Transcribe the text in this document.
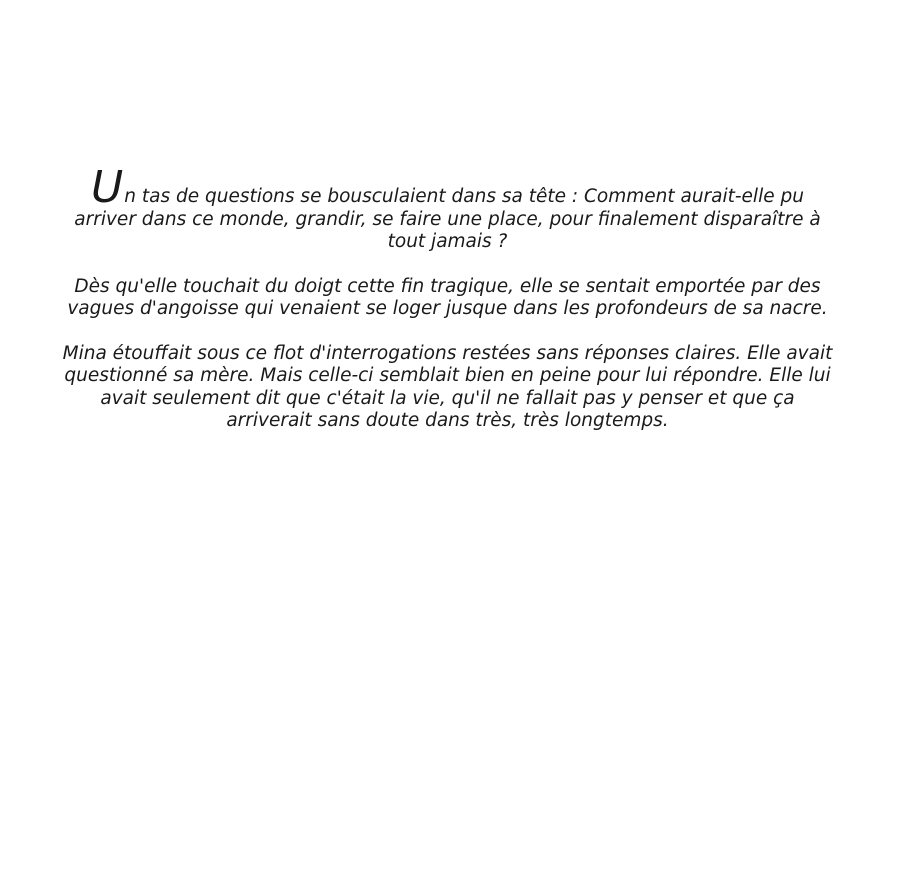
Un tas de questions se bousculaient dans sa tête : Comment aurait-elle pu arriver dans ce monde, grandir, se faire une place, pour finalement disparaître à tout jamais ?

Dès qu'elle touchait du doigt cette fin tragique, elle se sentait emportée par des vagues d'angoisse qui venaient se loger jusque dans les profondeurs de sa nacre.

Mina étouffait sous ce flot d'interrogations restées sans réponses claires. Elle avait questionné sa mère. Mais celle-ci semblait bien en peine pour lui répondre. Elle lui avait seulement dit que c'était la vie, qu'il ne fallait pas y penser et que ça arriverait sans doute dans très, très longtemps.
